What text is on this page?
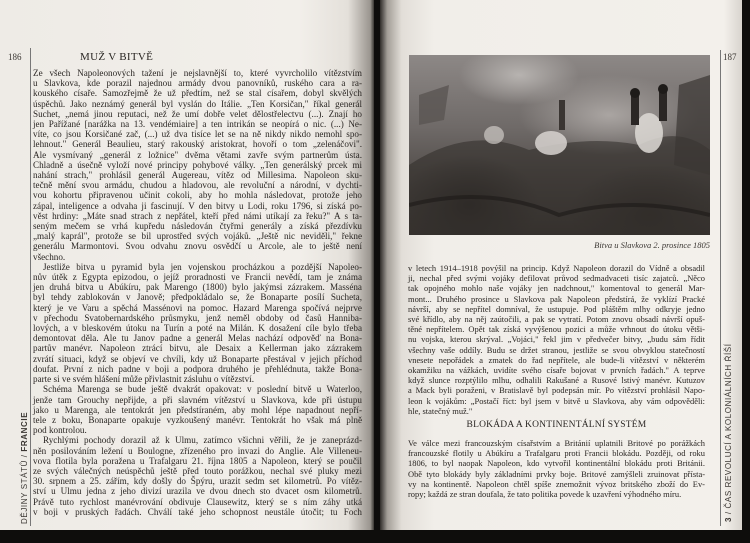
186	MUŽ V BITVĚ
DĚJINY STÁTŮ / FRANCIE
187
3 / ČAS REVOLUCÍ A KOLONIÁLNÍCH ŘÍŠÍ
Bitva u Slavkova 2. prosince 1805
Ze všech Napoleonových tažení je nejslavnější to, které vyvrcholilo vítězstvím
u Slavkova, kde porazil najednou armády dvou panovníků, ruského cara a ra-
kouského císaře. Samozřejmě že už předtím, než se stal císařem, dobyl skvělých
úspěchů. Jako neznámý generál byl vyslán do Itálie. „Ten Korsičan," říkal generál
Suchet, „nemá jinou reputaci, než že umí dobře velet dělostřelectvu (...). Znají ho
jen Pařížané [narážka na 13. vendémiaire] a ten intrikán se neopírá o nic. (...) Ne-
víte, co jsou Korsičané zač, (...) už dva tisíce let se na ně nikdy nikdo nemohl spo-
lehnout." Generál Beaulieu, starý rakouský aristokrat, hovoří o tom „zelenáčovi".
Ale vysmívaný „generál z ložnice" dvěma větami zavře svým partnerům ústa.
Chladně a úsečně vyloží nové principy pohybové války. „Ten generálský prcek mi
nahání strach," prohlásil generál Augereau, vítěz od Millesima. Napoleon sku-
tečně mění svou armádu, chudou a hladovou, ale revoluční a národní, v dychti-
vou kohortu připravenou učinit cokoli, aby ho mohla následovat, protože jeho
zápal, inteligence a odvaha ji fascinují. V den bitvy u Lodi, roku 1796, si získá po-
věst hrdiny: „Máte snad strach z nepřátel, kteří před námi utíkají za řeku?" A s ta-
seným mečem se vrhá kupředu následován čtyřmi generály a získá přezdívku
„malý kaprál", protože se bil uprostřed svých vojáků. „Ještě nic neviděli," řekne
generálu Marmontovi. Svou odvahu znovu osvědčí u Arcole, ale to ještě není
všechno.
Jestliže bitva u pyramid byla jen vojenskou procházkou a pozdější Napoleo-
nův útěk z Egypta epizodou, o jejíž proradnosti ve Francii nevědí, tam je známa
jen druhá bitva u Abúkíru, pak Marengo (1800) bylo jakýmsi zázrakem. Masséna
byl tehdy zablokován v Janově; předpokládalo se, že Bonaparte posílí Sucheta,
který je ve Varu a spěchá Massénovi na pomoc. Hazard Marenga spočívá nejprve
v přechodu Svatobernardského průsmyku, jenž neměl obdoby od časů Hanniba-
lových, a v bleskovém útoku na Turín a poté na Milán. K dosažení cíle bylo třeba
demontovat děla. Ale tu Janov padne a generál Melas nachází odpověď na Bona-
partův manévr. Napoleon ztrácí bitvu, ale Desaix a Kellerman jako zázrakem
zvrátí situaci, když se objeví ve chvíli, kdy už Bonaparte přestával v jejich příchod
doufat. První z nich padne v boji a podpora druhého je přehlédnuta, takže Bona-
parte si ve svém hlášení může přivlastnit zásluhu o vítězství.
Schéma Marenga se bude ještě dvakrát opakovat: v poslední bitvě u Waterloo,
jenže tam Grouchy nepřijde, a při slavném vítězství u Slavkova, kde při ústupu
jako u Marenga, ale tentokrát jen předstíraném, aby mohl lépe napadnout nepří-
tele z boku, Bonaparte opakuje vyzkoušený manévr. Tentokrát ho však má plně
pod kontrolou.
Rychlými pochody dorazil až k Ulmu, zatímco všichni věřili, že je zaneprázd-
něn posilováním ležení u Boulogne, zřízeného pro invazi do Anglie. Ale Villeneu-
vova flotila byla poražena u Trafalgaru 21. října 1805 a Napoleon, který se poučil
ze svých válečných neúspěchů ještě před touto porážkou, nechal své pluky mezi
30. srpnem a 25. zářím, kdy došly do Špýru, urazit sedm set kilometrů. Po vítěz-
ství u Ulmu jedna z jeho divizí urazila ve dvou dnech sto dvacet osm kilometrů.
Právě tuto rychlost manévrování obdivuje Clausewitz, který se s ním záhy utká
v boji v pruských řadách. Chválí také jeho schopnost neustále útočit; tu Foch
v letech 1914–1918 povýšil na princip. Když Napoleon dorazil do Vídně a obsadil
ji, nechal před svými vojáky defilovat průvod sedmadvaceti tisíc zajatců. „Něco
tak opojného mohlo naše vojáky jen nadchnout," komentoval to generál Mar-
mont... Druhého prosince u Slavkova pak Napoleon předstírá, že vyklízí Pracké
návrší, aby se nepřítel domníval, že ustupuje. Pod pláštěm mlhy odkryje jedno
své křídlo, aby na něj zaútočili, a pak se vytratí. Potom znovu obsadí návrší opuš-
těné nepřítelem. Opět tak získá vyvýšenou pozici a může vrhnout do útoku větši-
nu vojska, kterou skrýval. „Vojáci," řekl jim v předvečer bitvy, „budu sám řídit
všechny vaše oddíly. Budu se držet stranou, jestliže se svou obvyklou statečností
vnesete nepořádek a zmatek do řad nepřítele, ale bude-li vítězství v některém
okamžiku na vážkách, uvidíte svého císaře bojovat v prvních řadách." A teprve
když slunce rozptýlilo mlhu, odhalili Rakušané a Rusové lstivý manévr. Kutuzov
a Mack byli poraženi, v Bratislavě byl podepsán mír. Po vítězství prohlásil Napo-
leon k vojákům: „Postačí říct: byl jsem v bitvě u Slavkova, aby vám odpověděli:
hle, statečný muž."
BLOKÁDA A KONTINENTÁLNÍ SYSTÉM
Ve válce mezi francouzským císařstvím a Británií uplatnili Britové po porážkách
francouzské flotily u Abúkíru a Trafalgaru proti Francii blokádu. Později, od roku
1806, to byl naopak Napoleon, kdo vytvořil kontinentální blokádu proti Británii.
Obě tyto blokády byly základními prvky boje. Britové zamýšleli zruinovat přísta-
vy na kontinentě. Napoleon chtěl spíše znemožnit vývoz britského zboží do Ev-
ropy; každá ze stran doufala, že tato politika povede k uzavření výhodného míru.
